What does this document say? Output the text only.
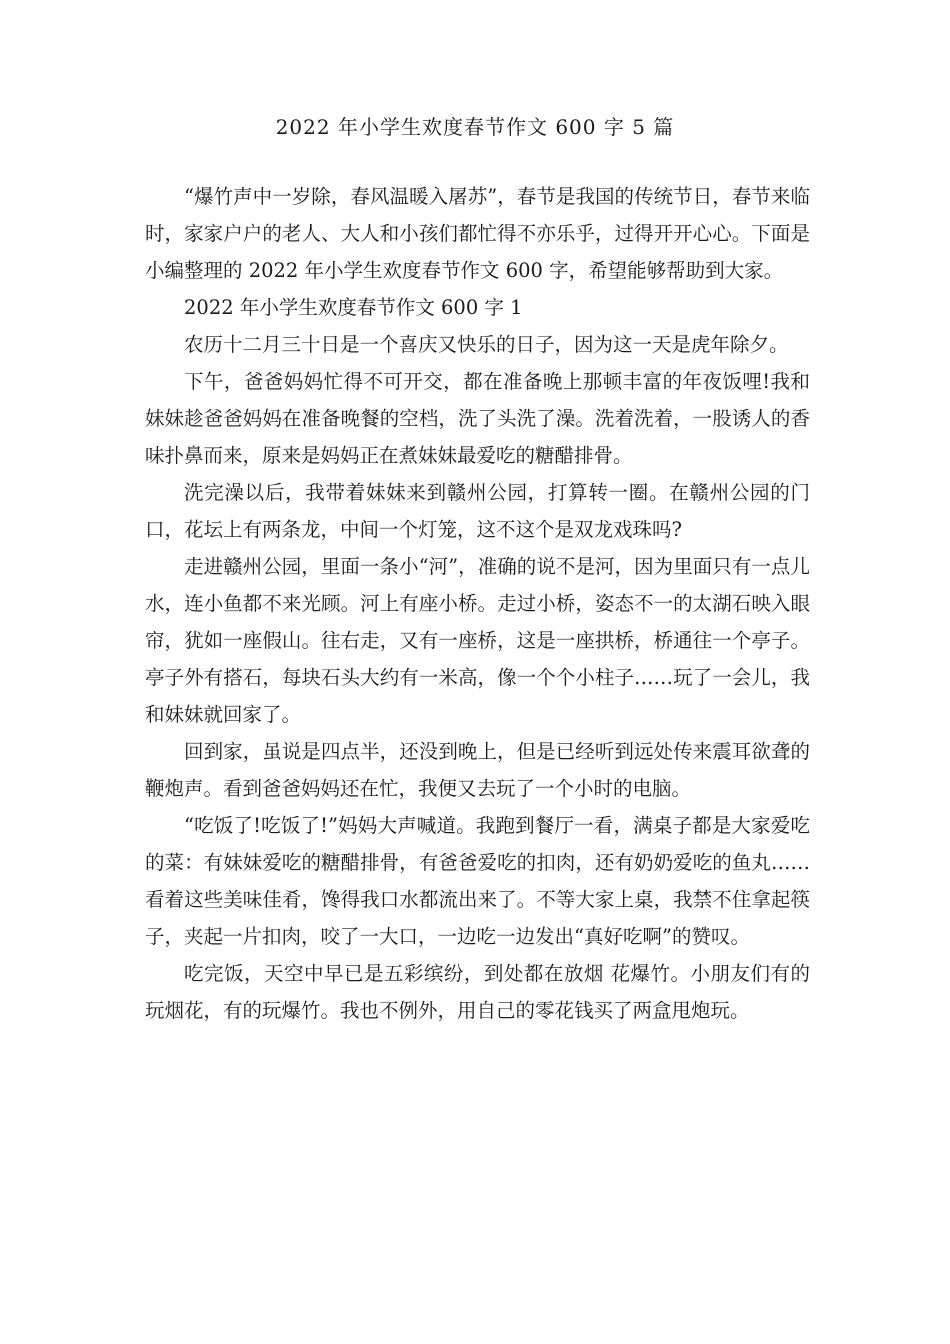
2022 年小学生欢度春节作文 600 字 5 篇

“爆竹声中一岁除，春风温暖入屠苏”，春节是我国的传统节日，春节来临时，家家户户的老人、大人和小孩们都忙得不亦乐乎，过得开开心心。下面是小编整理的 2022 年小学生欢度春节作文 600 字，希望能够帮助到大家。

2022 年小学生欢度春节作文 600 字 1

农历十二月三十日是一个喜庆又快乐的日子，因为这一天是虎年除夕。

下午，爸爸妈妈忙得不可开交，都在准备晚上那顿丰富的年夜饭哩!我和妹妹趁爸爸妈妈在准备晚餐的空档，洗了头洗了澡。洗着洗着，一股诱人的香味扑鼻而来，原来是妈妈正在煮妹妹最爱吃的糖醋排骨。

洗完澡以后，我带着妹妹来到赣州公园，打算转一圈。在赣州公园的门口，花坛上有两条龙，中间一个灯笼，这不这个是双龙戏珠吗?

走进赣州公园，里面一条小“河”，准确的说不是河，因为里面只有一点儿水，连小鱼都不来光顾。河上有座小桥。走过小桥，姿态不一的太湖石映入眼帘，犹如一座假山。往右走，又有一座桥，这是一座拱桥，桥通往一个亭子。亭子外有搭石，每块石头大约有一米高，像一个个小柱子……玩了一会儿，我和妹妹就回家了。

回到家，虽说是四点半，还没到晚上，但是已经听到远处传来震耳欲聋的鞭炮声。看到爸爸妈妈还在忙，我便又去玩了一个小时的电脑。

“吃饭了!吃饭了!”妈妈大声喊道。我跑到餐厅一看，满桌子都是大家爱吃的菜：有妹妹爱吃的糖醋排骨，有爸爸爱吃的扣肉，还有奶奶爱吃的鱼丸……看着这些美味佳肴，馋得我口水都流出来了。不等大家上桌，我禁不住拿起筷子，夹起一片扣肉，咬了一大口，一边吃一边发出“真好吃啊”的赞叹。

吃完饭，天空中早已是五彩缤纷，到处都在放烟 花爆竹。小朋友们有的玩烟花，有的玩爆竹。我也不例外，用自己的零花钱买了两盒甩炮玩。
